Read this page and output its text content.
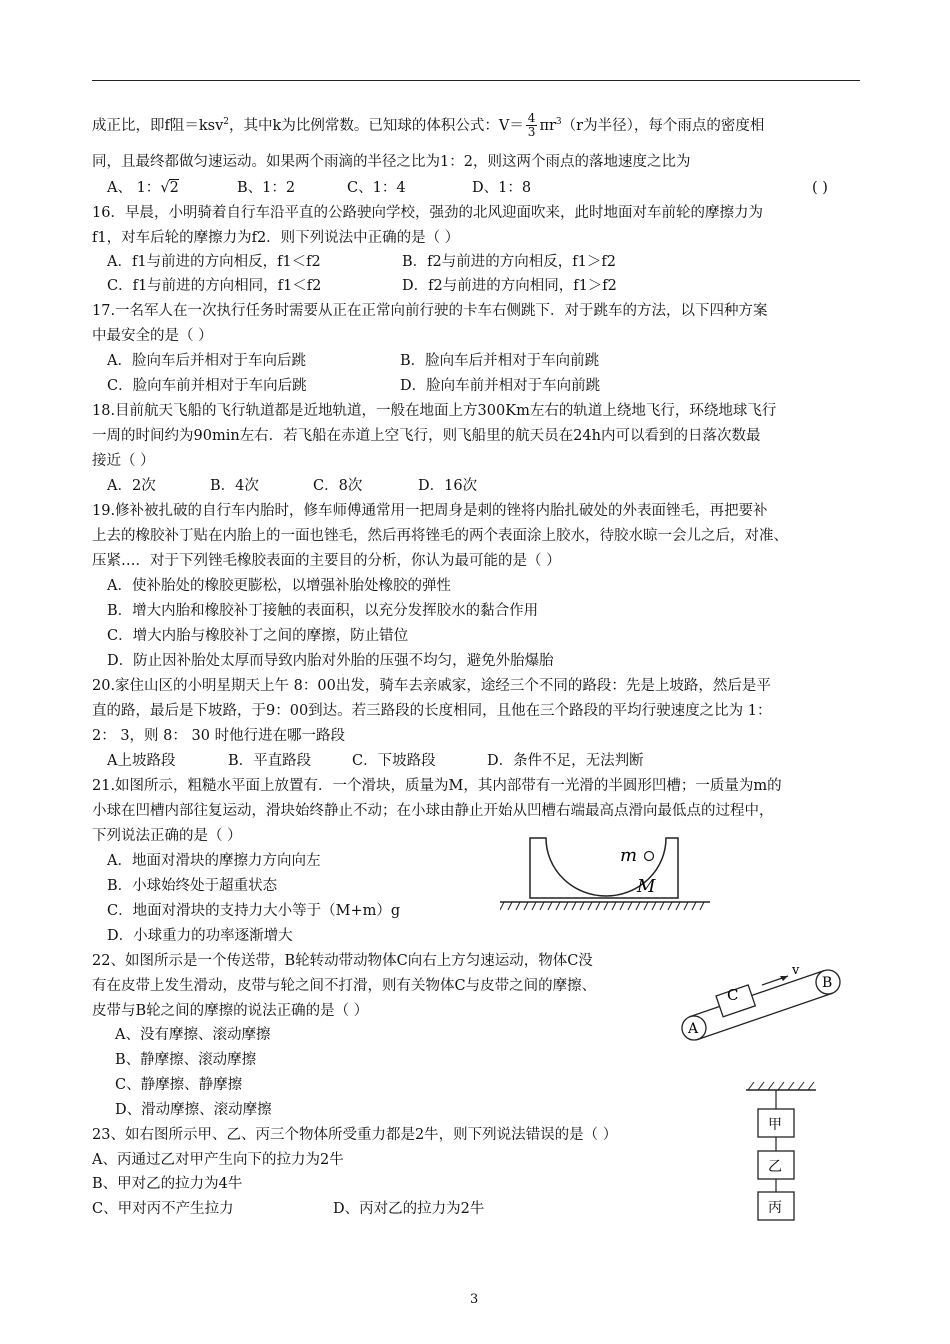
成正比，即f阻＝ksv$^2$，其中k为比例常数。已知球的体积公式：$V= \frac{4}{3} \pi r^3(r$为半径），每个雨点的密度相
同，且最终都做匀速运动。如果两个雨滴的半径之比为1：2，则这两个雨点的落地速度之比为
A、 1：√2	B、1：2	C、1：4	D、1：8	( )
16．早晨，小明骑着自行车沿平直的公路驶向学校，强劲的北风迎面吹来，此时地面对车前轮的摩擦力为
f1，对车后轮的摩擦力为f2．则下列说法中正确的是（ ）
A．f1与前进的方向相反，f1＜f2	B．f2与前进的方向相反，f1＞f2
C．f1与前进的方向相同，f1＜f2	D．f2与前进的方向相同，f1＞f2
17.一名军人在一次执行任务时需要从正在正常向前行驶的卡车右侧跳下．对于跳车的方法，以下四种方案
中最安全的是（ ）
A．脸向车后并相对于车向后跳	B．脸向车后并相对于车向前跳
C．脸向车前并相对于车向后跳	D．脸向车前并相对于车向前跳
18.目前航天飞船的飞行轨道都是近地轨道，一般在地面上方300Km左右的轨道上绕地飞行，环绕地球飞行
一周的时间约为90min左右．若飞船在赤道上空飞行，则飞船里的航天员在24h内可以看到的日落次数最
接近（ ）
A．2次	B．4次	C．8次	D．16次
19.修补被扎破的自行车内胎时，修车师傅通常用一把周身是刺的锉将内胎扎破处的外表面锉毛，再把要补
上去的橡胶补丁贴在内胎上的一面也锉毛，然后再将锉毛的两个表面涂上胶水，待胶水晾一会儿之后，对准、
压紧…．对于下列锉毛橡胶表面的主要目的分析，你认为最可能的是（ ）
A．使补胎处的橡胶更膨松，以增强补胎处橡胶的弹性
B．增大内胎和橡胶补丁接触的表面积，以充分发挥胶水的黏合作用
C．增大内胎与橡胶补丁之间的摩擦，防止错位
D．防止因补胎处太厚而导致内胎对外胎的压强不均匀，避免外胎爆胎
20.家住山区的小明星期天上午 8：00出发，骑车去亲戚家，途经三个不同的路段：先是上坡路，然后是平
直的路，最后是下坡路，于9：00到达。若三路段的长度相同，且他在三个路段的平均行驶速度之比为 1：
2： 3，则 8： 30 时他行进在哪一路段
A上坡路段	B．平直路段	C．下坡路段	D．条件不足，无法判断
21.如图所示，粗糙水平面上放置有．一个滑块，质量为M，其内部带有一光滑的半圆形凹槽；一质量为m的
小球在凹槽内部往复运动，滑块始终静止不动；在小球由静止开始从凹槽右端最高点滑向最低点的过程中，
下列说法正确的是（ ）
A．地面对滑块的摩擦力方向向左
B．小球始终处于超重状态
C．地面对滑块的支持力大小等于（M+m）g
D．小球重力的功率逐渐增大
m
M
22、如图所示是一个传送带，B轮转动带动物体C向右上方匀速运动，物体C没
有在皮带上发生滑动，皮带与轮之间不打滑，则有关物体C与皮带之间的摩擦、
皮带与B轮之间的摩擦的说法正确的是（ ）
A、没有摩擦、滚动摩擦
B、静摩擦、滚动摩擦
C、静摩擦、静摩擦
D、滑动摩擦、滚动摩擦
C
v
B
A
23、如右图所示甲、乙、丙三个物体所受重力都是2牛，则下列说法错误的是（ ）
A、丙通过乙对甲产生向下的拉力为2牛
B、甲对乙的拉力为4牛
C、甲对丙不产生拉力	D、丙对乙的拉力为2牛
甲
乙
丙
3
